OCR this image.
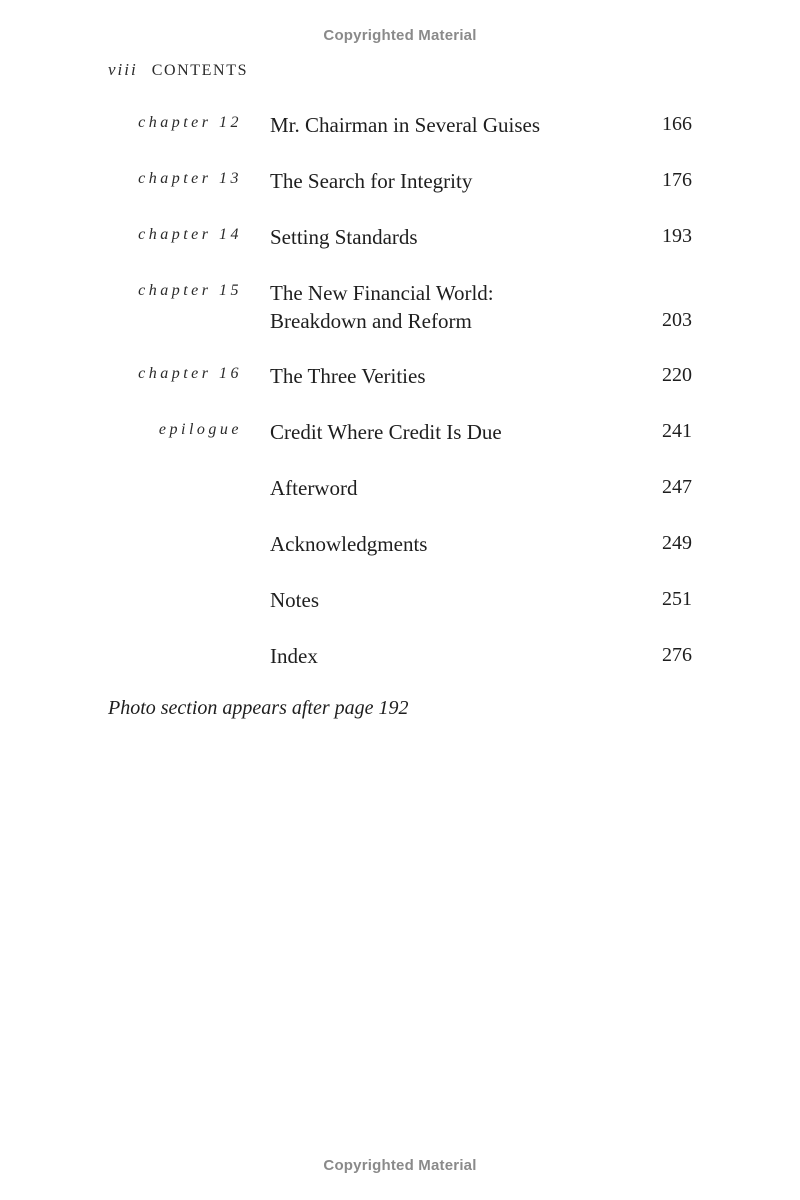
Copyrighted Material
viii CONTENTS
chapter 12 Mr. Chairman in Several Guises	166
chapter 13 The Search for Integrity	176
chapter 14 Setting Standards	193
chapter 15 The New Financial World:
Breakdown and Reform	203
chapter 16 The Three Verities	220
epilogue Credit Where Credit Is Due	241
Afterword	247
Acknowledgments	249
Notes	251
Index	276
Photo section appears after page 192
Copyrighted Material
